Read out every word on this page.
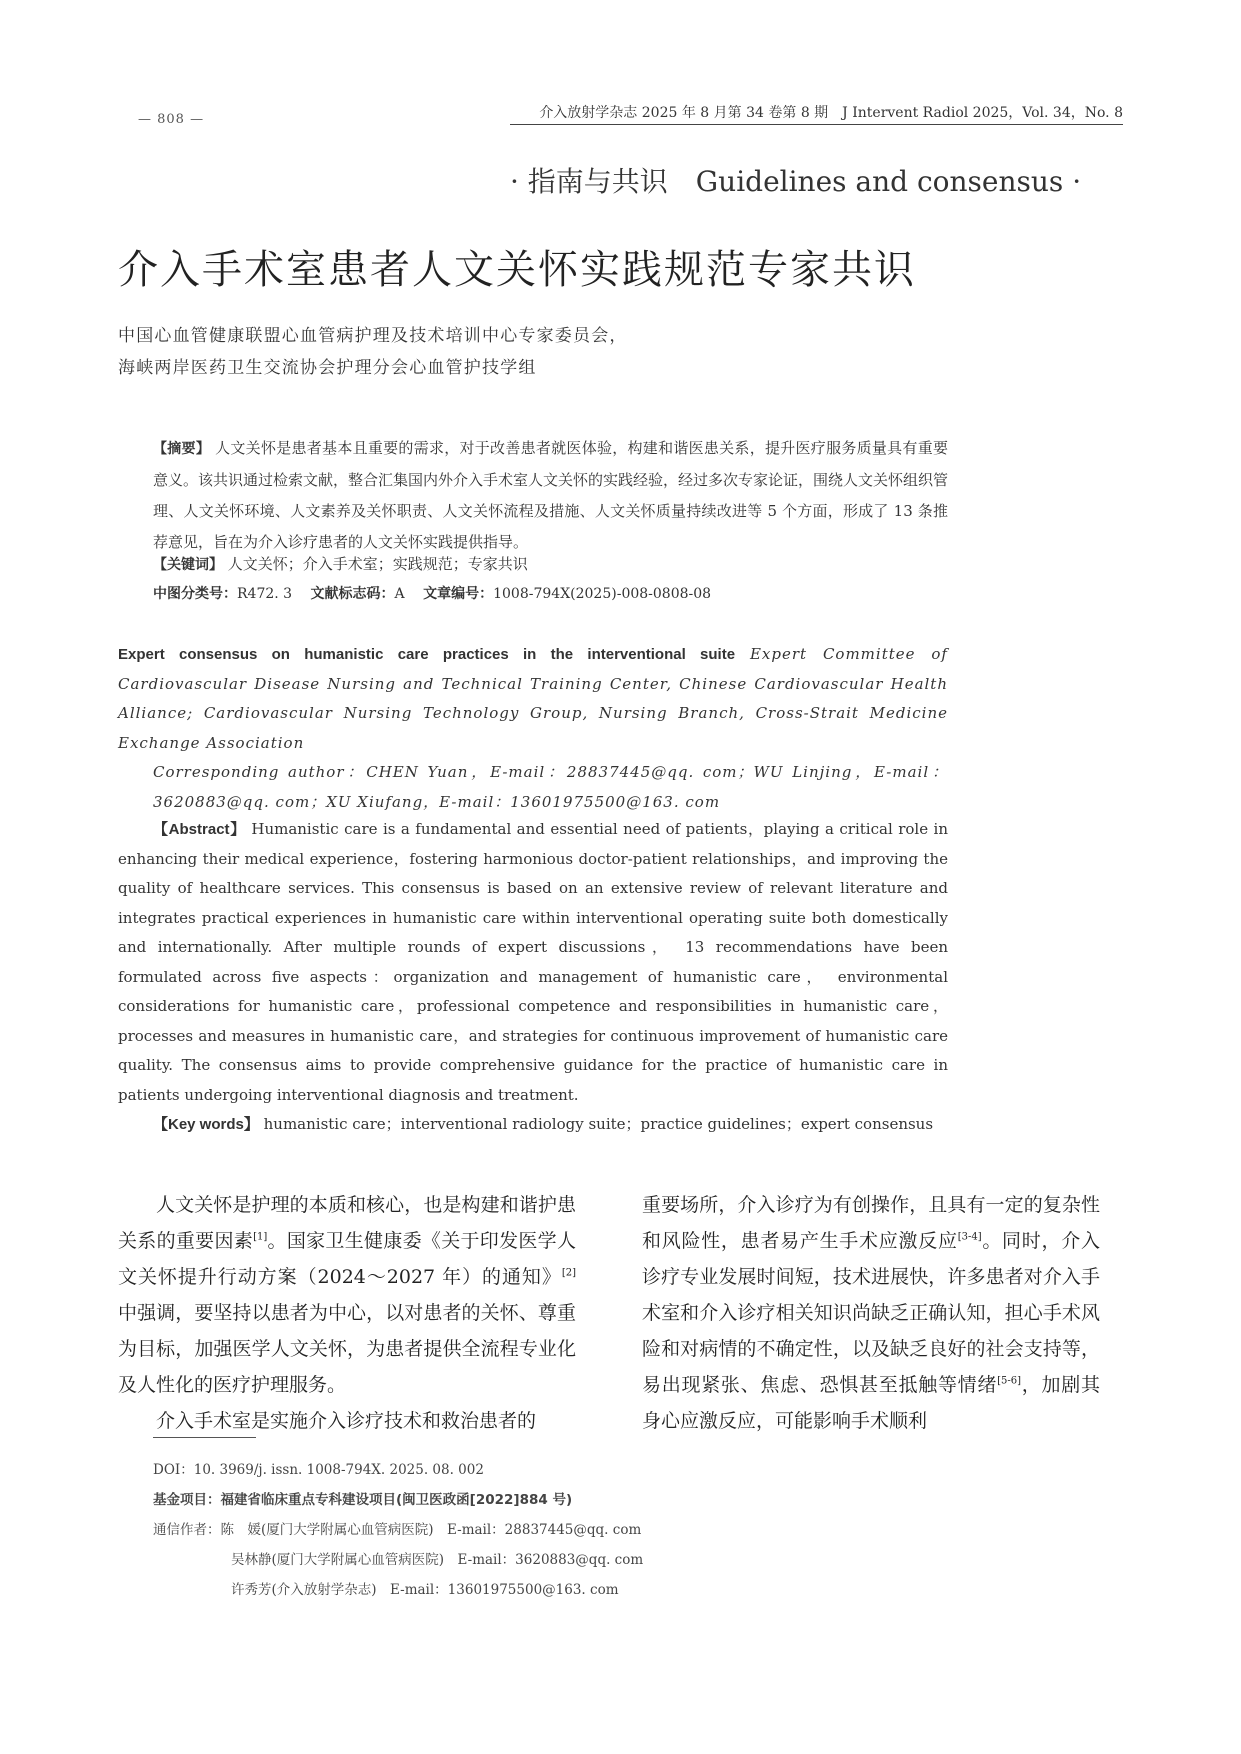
— 808 —	介入放射学杂志 2025 年 8 月第 34 卷第 8 期　J Intervent Radiol 2025，Vol. 34，No. 8
· 指南与共识　Guidelines and consensus ·
介入手术室患者人文关怀实践规范专家共识
中国心血管健康联盟心血管病护理及技术培训中心专家委员会，
海峡两岸医药卫生交流协会护理分会心血管护技学组
【摘要】 人文关怀是患者基本且重要的需求，对于改善患者就医体验，构建和谐医患关系，提升医疗服务质量具有重要意义。该共识通过检索文献，整合汇集国内外介入手术室人文关怀的实践经验，经过多次专家论证，围绕人文关怀组织管理、人文关怀环境、人文素养及关怀职责、人文关怀流程及措施、人文关怀质量持续改进等 5 个方面，形成了 13 条推荐意见，旨在为介入诊疗患者的人文关怀实践提供指导。
【关键词】 人文关怀；介入手术室；实践规范；专家共识
中图分类号：R472. 3　 文献标志码：A　 文章编号：1008-794X(2025)-008-0808-08
Expert consensus on humanistic care practices in the interventional suite Expert Committee of Cardiovascular Disease Nursing and Technical Training Center, Chinese Cardiovascular Health Alliance; Cardiovascular Nursing Technology Group, Nursing Branch, Cross-Strait Medicine Exchange Association
Corresponding author：CHEN Yuan，E-mail：28837445@qq. com；WU Linjing，E-mail：3620883@qq. com；XU Xiufang，E-mail：13601975500@163. com
【Abstract】 Humanistic care is a fundamental and essential need of patients，playing a critical role in enhancing their medical experience，fostering harmonious doctor-patient relationships，and improving the quality of healthcare services. This consensus is based on an extensive review of relevant literature and integrates practical experiences in humanistic care within interventional operating suite both domestically and internationally. After multiple rounds of expert discussions， 13 recommendations have been formulated across five aspects：organization and management of humanistic care， environmental considerations for humanistic care，professional competence and responsibilities in humanistic care，processes and measures in humanistic care，and strategies for continuous improvement of humanistic care quality. The consensus aims to provide comprehensive guidance for the practice of humanistic care in patients undergoing interventional diagnosis and treatment.
【Key words】 humanistic care；interventional radiology suite；practice guidelines；expert consensus

人文关怀是护理的本质和核心，也是构建和谐护患关系的重要因素[1]。国家卫生健康委《关于印发医学人文关怀提升行动方案（2024～2027 年）的通知》[2]中强调，要坚持以患者为中心，以对患者的关怀、尊重为目标，加强医学人文关怀，为患者提供全流程专业化及人性化的医疗护理服务。

介入手术室是实施介入诊疗技术和救治患者的

重要场所，介入诊疗为有创操作，且具有一定的复杂性和风险性，患者易产生手术应激反应[3-4]。同时，介入诊疗专业发展时间短，技术进展快，许多患者对介入手术室和介入诊疗相关知识尚缺乏正确认知，担心手术风险和对病情的不确定性，以及缺乏良好的社会支持等，易出现紧张、焦虑、恐惧甚至抵触等情绪[5-6]，加剧其身心应激反应，可能影响手术顺利

DOI：10. 3969/j. issn. 1008-794X. 2025. 08. 002
基金项目：福建省临床重点专科建设项目(闽卫医政函[2022]884 号)
通信作者：陈　媛(厦门大学附属心血管病医院)　E-mail：28837445@qq. com
吴林静(厦门大学附属心血管病医院)　E-mail：3620883@qq. com
许秀芳(介入放射学杂志)　E-mail：13601975500@163. com
